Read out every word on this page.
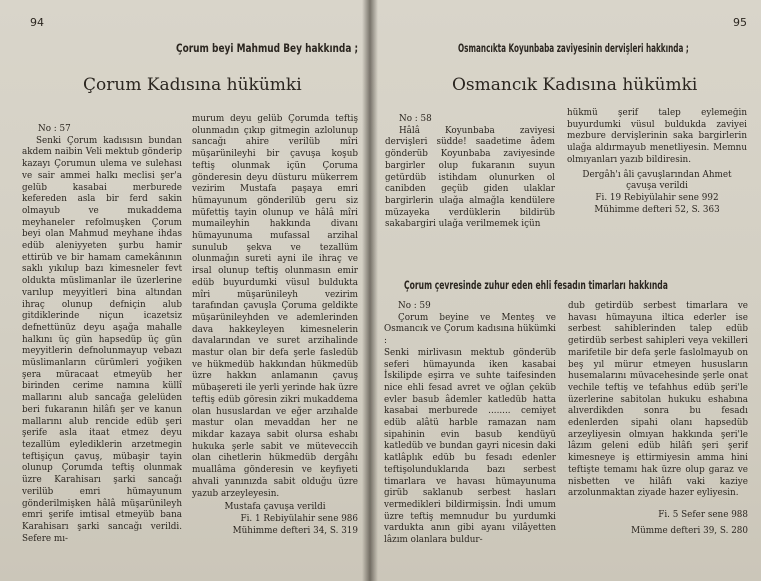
94
Çorum beyi Mahmud Bey hakkında ;
Çorum Kadısına hükümki

No : 57

Senki Çorum kadısısın bundan akdem naibin Veli mektub gönderip kazayı Çorumun ulema ve sulehası ve sair ammei halkı meclisi şer'a gelüb kasabai merburede kefereden asla bir ferd sakin olmayub ve mukaddema meyhaneler refolmuşken Çorum beyi olan Mahmud meyhane ihdas edüb aleniyyeten şurbu hamir ettirüb ve bir hamam camekânının saklı yıkılup bazı kimesneler fevt oldukta müslimanlar ile üzerlerine varılup meyyitleri bina altından ihraç olunup defniçin alub gitdiklerinde niçun icazetsiz defnettünüz deyu aşağa mahalle halkını üç gün hapsedüp üç gün meyyitlerin defnolunmayup vebazı müslimanların cürümleri yoğiken şera müracaat etmeyüb her birinden cerime namına küllî mallarını alub sancağa gelelüden beri fukaranın hilâfı şer ve kanun mallarını alub rencide edüb şeri şerife asla itaat etmez deyu tezallüm eylediklerin arzetmegin teftişiçun çavuş, mübaşir tayin olunup Çorumda teftiş olunmak üzre Karahisarı şarki sancağı verilüb emri hümayunum gönderilmişken hâlâ müşarünileyh emri şerife imtisal etmeyüb bana Karahisarı şarki sancağı verildi. Sefere mı-

murum deyu gelüb Çorumda teftiş olunmadın çıkıp gitmegin azlolunup sancağı ahire verilüb mîri müşarünileyhi bir çavuşa koşub teftiş olunmak içün Çoruma gönderesin deyu düsturu mükerrem vezirim Mustafa paşaya emri hümayunum gönderilüb geru siz müfettiş tayin olunup ve hâlâ mîri mumaileyhin hakkında divanı hümayunuma mufassal arzihal sunulub şekva ve tezallüm olunmağın sureti ayni ile ihraç ve irsal olunup teftiş olunmasın emir edüb buyurdumki vüsul buldukta mîri müşarünileyh vezirim tarafından çavuşla Çoruma geldikte müşarünileyhden ve ademlerinden dava hakkeyleyen kimesnelerin davalarından ve suret arzihalinde mastur olan bir defa şerle fasledüb ve hükmedüb hakkından hükmedüb üzre hakkın anlamanın çavuş mübaşereti ile yerli yerinde hak üzre teftiş edüb göresin zikri mukaddema olan hususlardan ve eğer arzıhalde mastur olan mevaddan her ne mikdar kazaya sabit olursa eshabı hukuka şerle sabit ve müteveccih olan cihetlerin hükmedüb dergâhı muallâma gönderesin ve keyfiyeti ahvali yanınızda sabit olduğu üzre yazub arzeyleyesin.

Mustafa çavuşa verildi

Fi. 1 Rebiyülahir sene 986

Mühimme defteri 34, S. 319

95
Osmancıkta Koyunbaba zaviyesinin dervişleri hakkında ;
Osmancık Kadısına hükümki

No : 58

Hâlâ Koyunbaba zaviyesi dervişleri südde! saadetime âdem gönderüb Koyunbaba zaviyesinde bargirler olup fukaranın suyun getürdüb istihdam olunurken ol canibden geçüb giden ulaklar bargirlerin ulağa almağla kendülere müzayeka verdüklerin bildirüb sakabargiri ulağa verilmemek içün

hükmü şerif talep eylemeğin buyurdumki vüsul buldukda zaviyei mezbure dervişlerinin saka bargirlerin ulağa aldırmayub menetliyesin. Memnu olmıyanları yazıb bildiresin.

Dergâh'ı âli çavuşlarından Ahmet çavuşa verildi

Fi. 19 Rebiyülahir sene 992

Mühimme defteri 52, S. 363

Çorum çevresinde zuhur eden ehli fesadın timarları hakkında

No : 59

Çorum beyine ve Menteş ve Osmancık ve Çorum kadısına hükümki :
Senki mirlivasın mektub gönderüb seferi hümayunda iken kasabai İskilipde eşirra ve suhte taifesinden nice ehli fesad avret ve oğlan çeküb evler basub âdemler katledüb hatta kasabai merburede ........ cemiyet edüb alâtü harble ramazan nam sipahinin evin basub kendüyü katledüb ve bundan gayri nicesin daki katlâplık edüb bu fesadı edenler teftişolunduklarıda bazı serbest timarlara ve havası hümayunuma girüb saklanub serbest hasları vermedikleri bildirmişsin. İndi umum üzre teftiş memnudur bu yurdumki vardukta anın gibi ayanı vilâyetten lâzım olanlara buldur-

dub getirdüb serbest timarlara ve havası hümayuna iltica ederler ise serbest sahiblerinden talep edüb getirdüb serbest sahipleri veya vekilleri marifetile bir defa şerle faslolmayub on beş yıl mürur etmeyen hususların husemalarını müvacehesinde şerle onat vechile teftiş ve tefahhus edüb şeri'le üzerlerine sabitolan hukuku eshabına alıverdikden sonra bu fesadı edenlerden sipahi olanı hapsedüb arzeyliyesin olmıyan hakkında şeri'le lâzım geleni edüb hilâfı şeri şerif kimesneye iş ettirmiyesin amma hini teftişte temamı hak üzre olup garaz ve nisbetten ve hilâfı vaki kaziye arzolunmaktan ziyade hazer eyliyesin.

Fi. 5 Sefer sene 988

Mümme defteri 39, S. 280
